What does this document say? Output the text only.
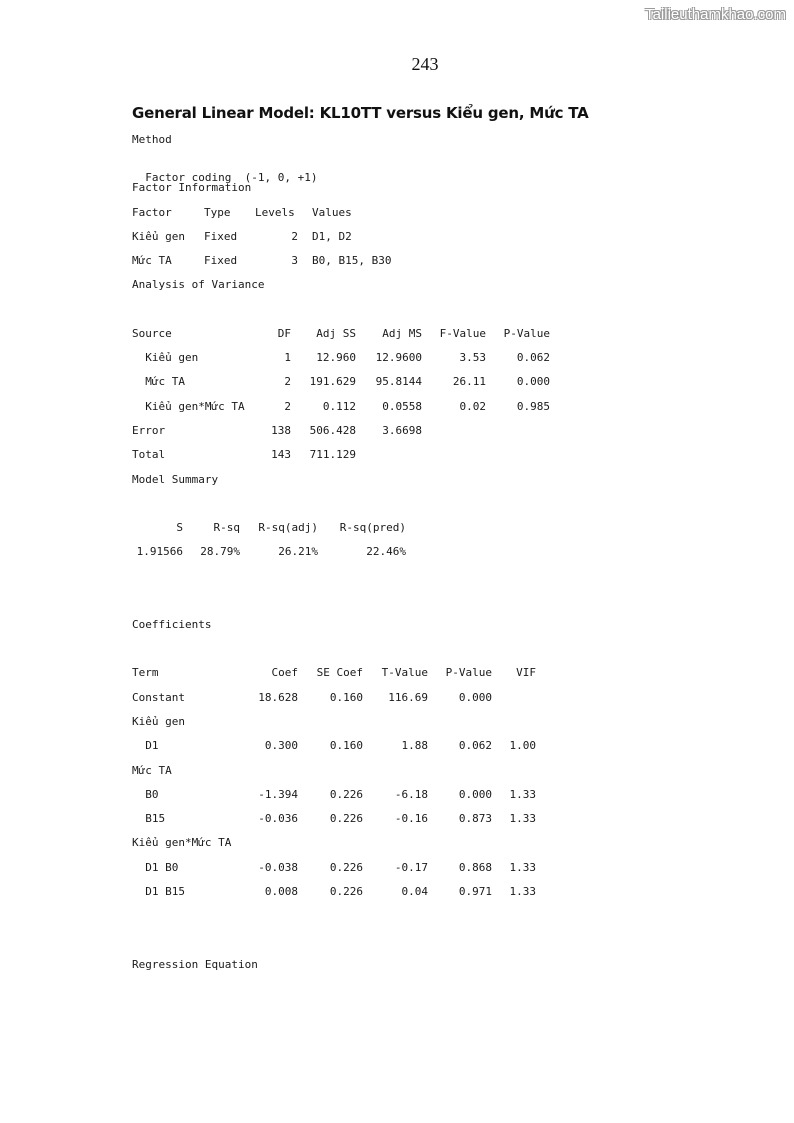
Tailieuthamkhao.com
243
General Linear Model: KL10TT versus Kiểu gen, Mức TA
Method

Factor coding (-1, 0, +1)

Factor Information
Factor	Type Levels Values
Kiểu gen Fixed	2 D1, D2
Mức TA	Fixed	3 B0, B15, B30
Analysis of Variance
Source	DF	Adj SS	Adj MS	F-Value	P-Value
Kiểu gen	1	12.960	12.9600	3.53	0.062
Mức TA	2	191.629	95.8144	26.11	0.000
Kiểu gen*Mức TA	2	0.112	0.0558	0.02	0.985
Error	138	506.428	3.6698
Total	143	711.129
Model Summary
S	R-sq	R-sq(adj)	R-sq(pred)
1.91566	28.79%	26.21%	22.46%
Coefficients
Term	Coef	SE Coef	T-Value	P-Value	VIF
Constant	18.628	0.160	116.69	0.000
Kiểu gen
D1	0.300	0.160	1.88	0.062	1.00
Mức TA
B0	-1.394	0.226	-6.18	0.000	1.33
B15	-0.036	0.226	-0.16	0.873	1.33
Kiểu gen*Mức TA
D1 B0	-0.038	0.226	-0.17	0.868	1.33
D1 B15	0.008	0.226	0.04	0.971	1.33
Regression Equation
